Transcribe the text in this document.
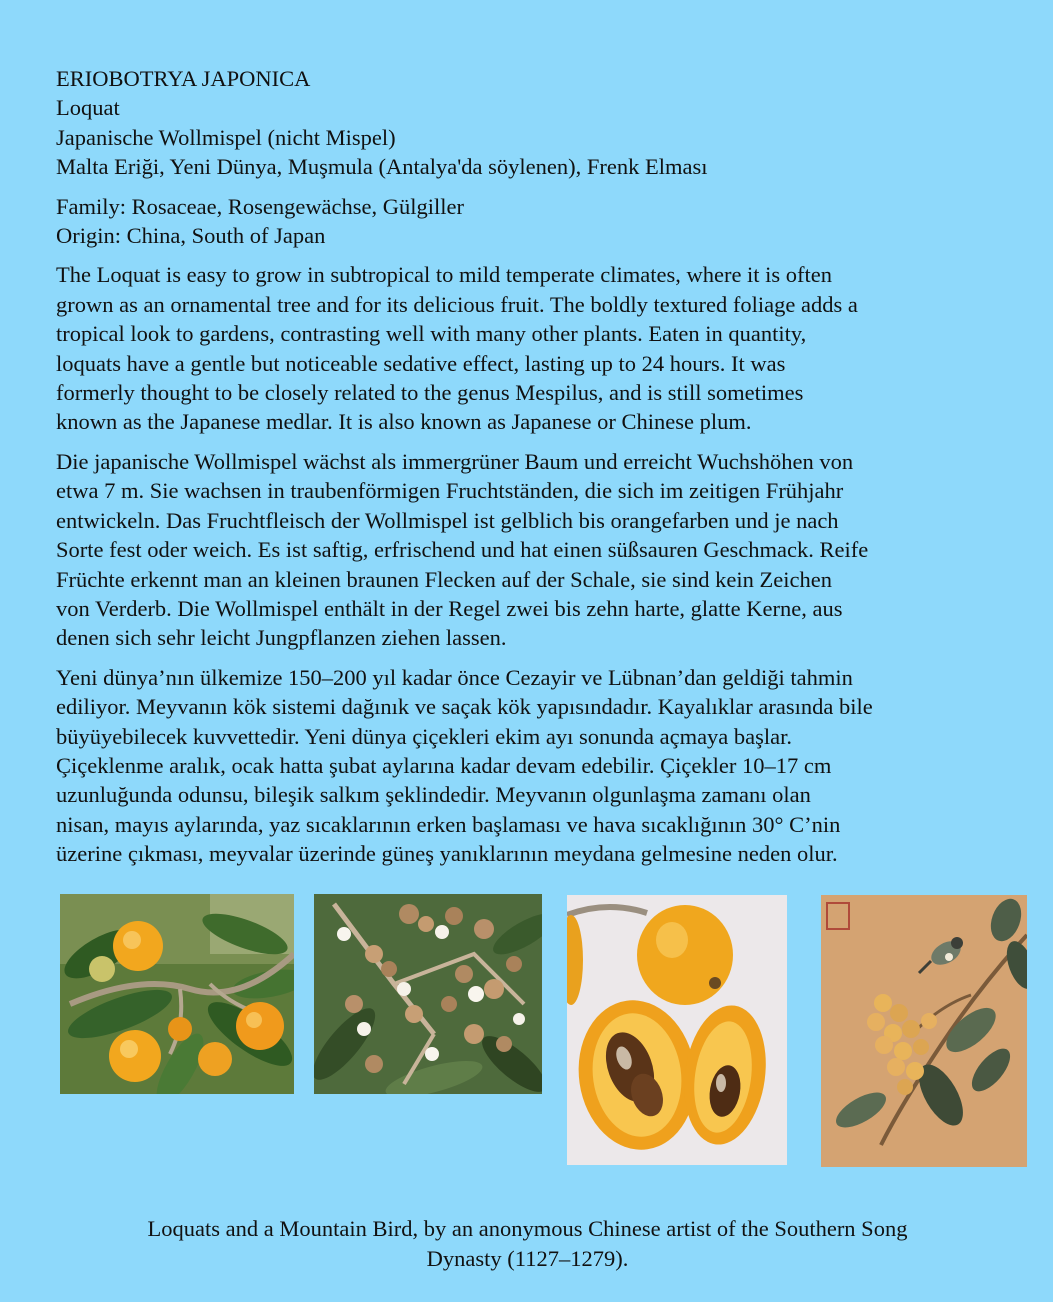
ERIOBOTRYA JAPONICA
Loquat
Japanische Wollmispel (nicht Mispel)
Malta Eriği, Yeni Dünya, Muşmula (Antalya'da söylenen), Frenk Elması
Family: Rosaceae, Rosengewächse, Gülgiller
Origin: China, South of Japan
The Loquat is easy to grow in subtropical to mild temperate climates, where it is often
grown as an ornamental tree and for its delicious fruit. The boldly textured foliage adds a
tropical look to gardens, contrasting well with many other plants. Eaten in quantity,
loquats have a gentle but noticeable sedative effect, lasting up to 24 hours. It was
formerly thought to be closely related to the genus Mespilus, and is still sometimes
known as the Japanese medlar. It is also known as Japanese or Chinese plum.
Die japanische Wollmispel wächst als immergrüner Baum und erreicht Wuchshöhen von
etwa 7 m. Sie wachsen in traubenförmigen Fruchtständen, die sich im zeitigen Frühjahr
entwickeln. Das Fruchtfleisch der Wollmispel ist gelblich bis orangefarben und je nach
Sorte fest oder weich. Es ist saftig, erfrischend und hat einen süßsauren Geschmack. Reife
Früchte erkennt man an kleinen braunen Flecken auf der Schale, sie sind kein Zeichen
von Verderb. Die Wollmispel enthält in der Regel zwei bis zehn harte, glatte Kerne, aus
denen sich sehr leicht Jungpflanzen ziehen lassen.
Yeni dünya’nın ülkemize 150–200 yıl kadar önce Cezayir ve Lübnan’dan geldiği tahmin
ediliyor. Meyvanın kök sistemi dağınık ve saçak kök yapısındadır. Kayalıklar arasında bile
büyüyebilecek kuvvettedir. Yeni dünya çiçekleri ekim ayı sonunda açmaya başlar.
Çiçeklenme aralık, ocak hatta şubat aylarına kadar devam edebilir. Çiçekler 10–17 cm
uzunluğunda odunsu, bileşik salkım şeklindedir. Meyvanın olgunlaşma zamanı olan
nisan, mayıs aylarında, yaz sıcaklarının erken başlaması ve hava sıcaklığının 30° C’nin
üzerine çıkması, meyvalar üzerinde güneş yanıklarının meydana gelmesine neden olur.
Loquats and a Mountain Bird, by an anonymous Chinese artist of the Southern Song
Dynasty (1127–1279).
